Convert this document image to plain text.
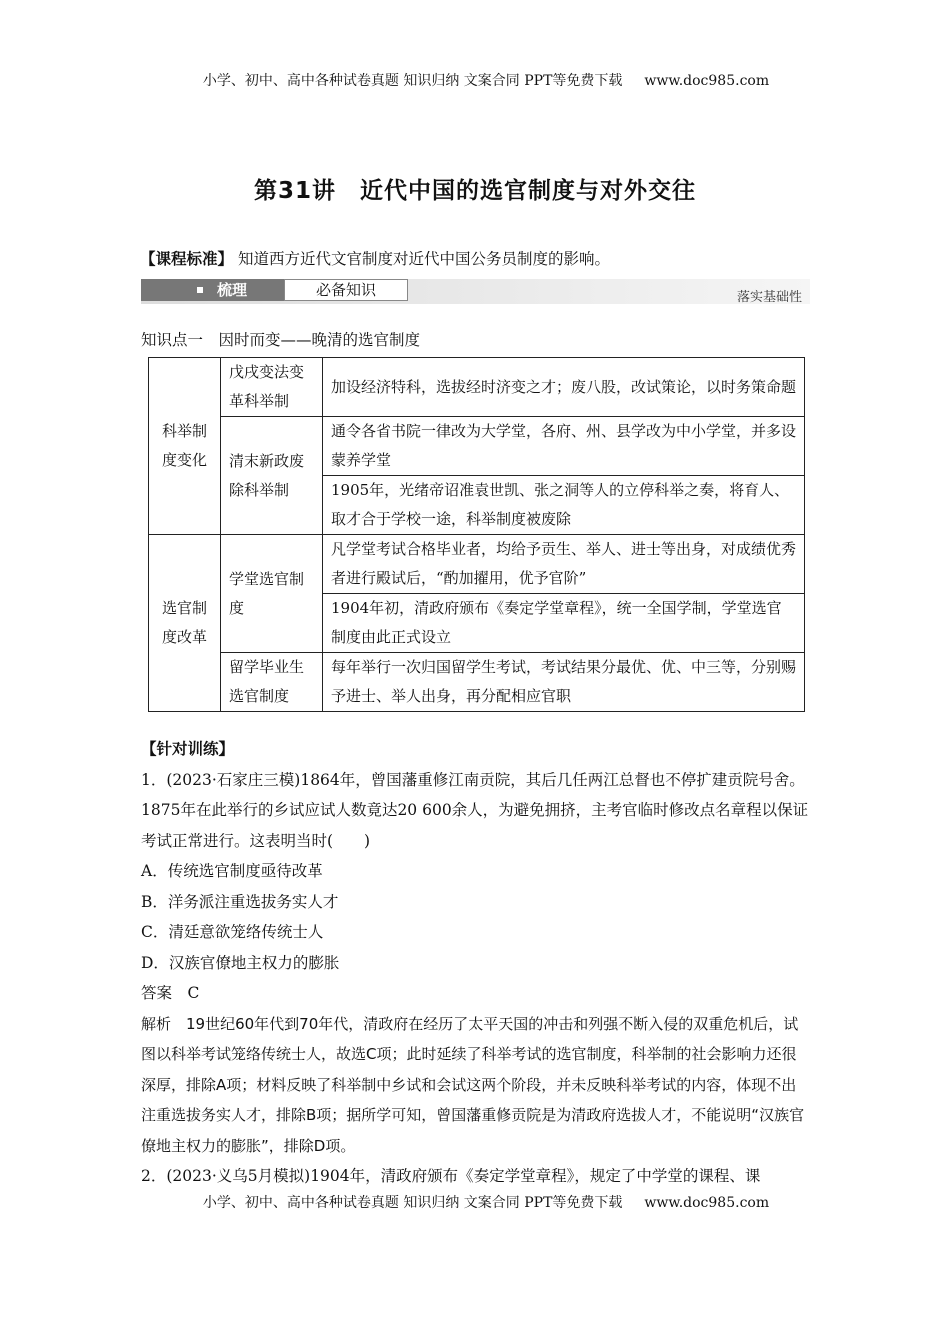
小学、初中、高中各种试卷真题 知识归纳 文案合同 PPT等免费下载 www.doc985.com
第31讲　近代中国的选官制度与对外交往
【课程标准】 知道西方近代文官制度对近代中国公务员制度的影响。
梳理	必备知识	落实基础性
知识点一　因时而变——晚清的选官制度
科举制度变化	戊戌变法变革科举制	加设经济特科，选拔经时济变之才；废八股，改试策论，以时务策命题
	清末新政废除科举制	通令各省书院一律改为大学堂，各府、州、县学改为中小学堂，并多设蒙养学堂
		1905年，光绪帝诏准袁世凯、张之洞等人的立停科举之奏，将育人、取才合于学校一途，科举制度被废除
选官制度改革	学堂选官制度	凡学堂考试合格毕业者，均给予贡生、举人、进士等出身，对成绩优秀者进行殿试后，“酌加擢用，优予官阶”
		1904年初，清政府颁布《奏定学堂章程》，统一全国学制，学堂选官制度由此正式设立
	留学毕业生选官制度	每年举行一次归国留学生考试，考试结果分最优、优、中三等，分别赐予进士、举人出身，再分配相应官职

【针对训练】

1．(2023·石家庄三模)1864年，曾国藩重修江南贡院，其后几任两江总督也不停扩建贡院号舍。1875年在此举行的乡试应试人数竟达20 600余人，为避免拥挤，主考官临时修改点名章程以保证考试正常进行。这表明当时(　　)

A．传统选官制度亟待改革

B．洋务派注重选拔务实人才

C．清廷意欲笼络传统士人

D．汉族官僚地主权力的膨胀

答案　C

解析　19世纪60年代到70年代，清政府在经历了太平天国的冲击和列强不断入侵的双重危机后，试图以科举考试笼络传统士人，故选C项；此时延续了科举考试的选官制度，科举制的社会影响力还很深厚，排除A项；材料反映了科举制中乡试和会试这两个阶段，并未反映科举考试的内容，体现不出注重选拔务实人才，排除B项；据所学可知，曾国藩重修贡院是为清政府选拔人才，不能说明“汉族官僚地主权力的膨胀”，排除D项。

2．(2023·义乌5月模拟)1904年，清政府颁布《奏定学堂章程》，规定了中学堂的课程、课

小学、初中、高中各种试卷真题 知识归纳 文案合同 PPT等免费下载 www.doc985.com
